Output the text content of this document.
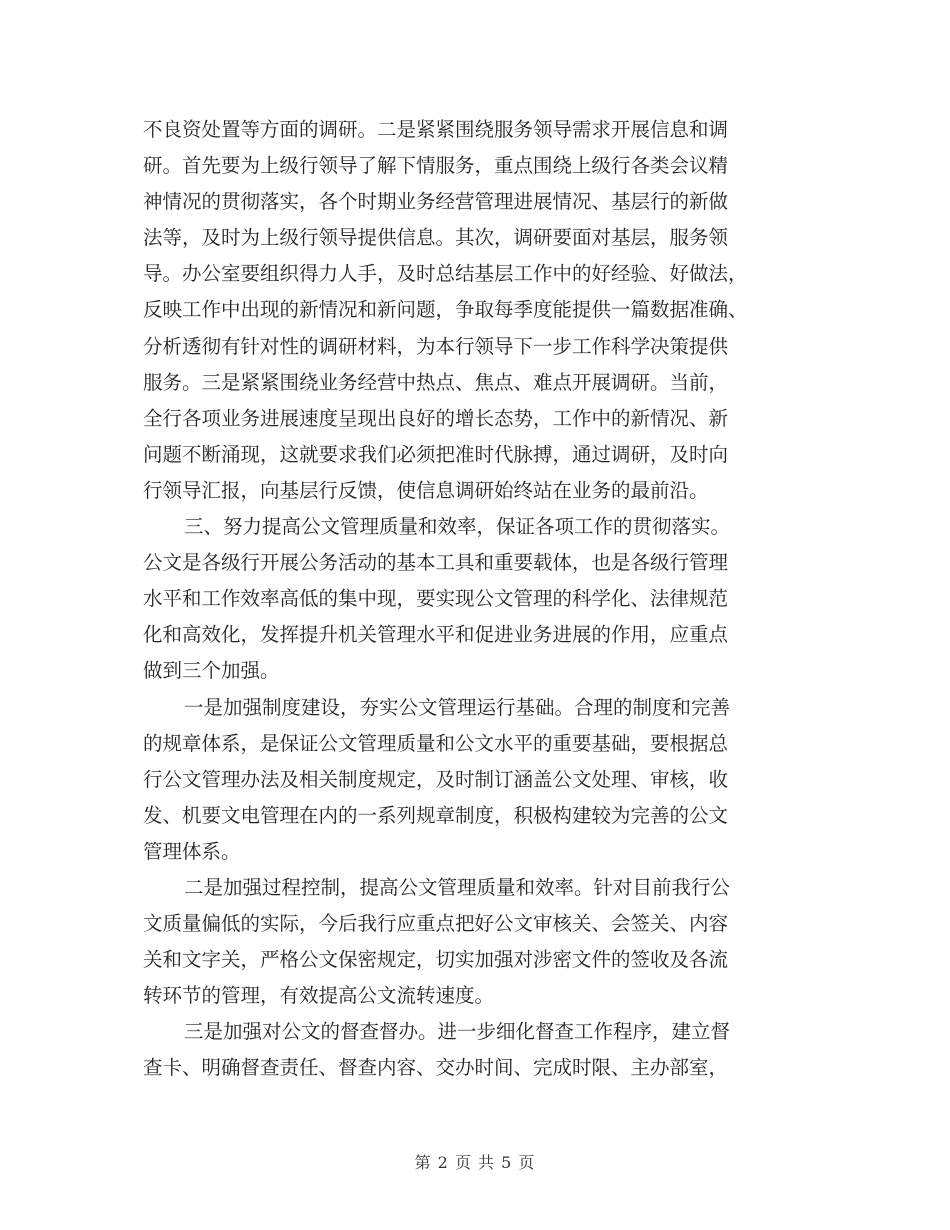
不良资处置等方面的调研。二是紧紧围绕服务领导需求开展信息和调
研。首先要为上级行领导了解下情服务，重点围绕上级行各类会议精
神情况的贯彻落实，各个时期业务经营管理进展情况、基层行的新做
法等，及时为上级行领导提供信息。其次，调研要面对基层，服务领
导。办公室要组织得力人手，及时总结基层工作中的好经验、好做法，
反映工作中出现的新情况和新问题，争取每季度能提供一篇数据准确、
分析透彻有针对性的调研材料，为本行领导下一步工作科学决策提供
服务。三是紧紧围绕业务经营中热点、焦点、难点开展调研。当前，
全行各项业务进展速度呈现出良好的增长态势，工作中的新情况、新
问题不断涌现，这就要求我们必须把准时代脉搏，通过调研，及时向
行领导汇报，向基层行反馈，使信息调研始终站在业务的最前沿。
三、努力提高公文管理质量和效率，保证各项工作的贯彻落实。
公文是各级行开展公务活动的基本工具和重要载体，也是各级行管理
水平和工作效率高低的集中现，要实现公文管理的科学化、法律规范
化和高效化，发挥提升机关管理水平和促进业务进展的作用，应重点
做到三个加强。
一是加强制度建设，夯实公文管理运行基础。合理的制度和完善
的规章体系，是保证公文管理质量和公文水平的重要基础，要根据总
行公文管理办法及相关制度规定，及时制订涵盖公文处理、审核，收
发、机要文电管理在内的一系列规章制度，积极构建较为完善的公文
管理体系。
二是加强过程控制，提高公文管理质量和效率。针对目前我行公
文质量偏低的实际，今后我行应重点把好公文审核关、会签关、内容
关和文字关，严格公文保密规定，切实加强对涉密文件的签收及各流
转环节的管理，有效提高公文流转速度。
三是加强对公文的督查督办。进一步细化督查工作程序，建立督
查卡、明确督查责任、督查内容、交办时间、完成时限、主办部室，
第 2 页 共 5 页
